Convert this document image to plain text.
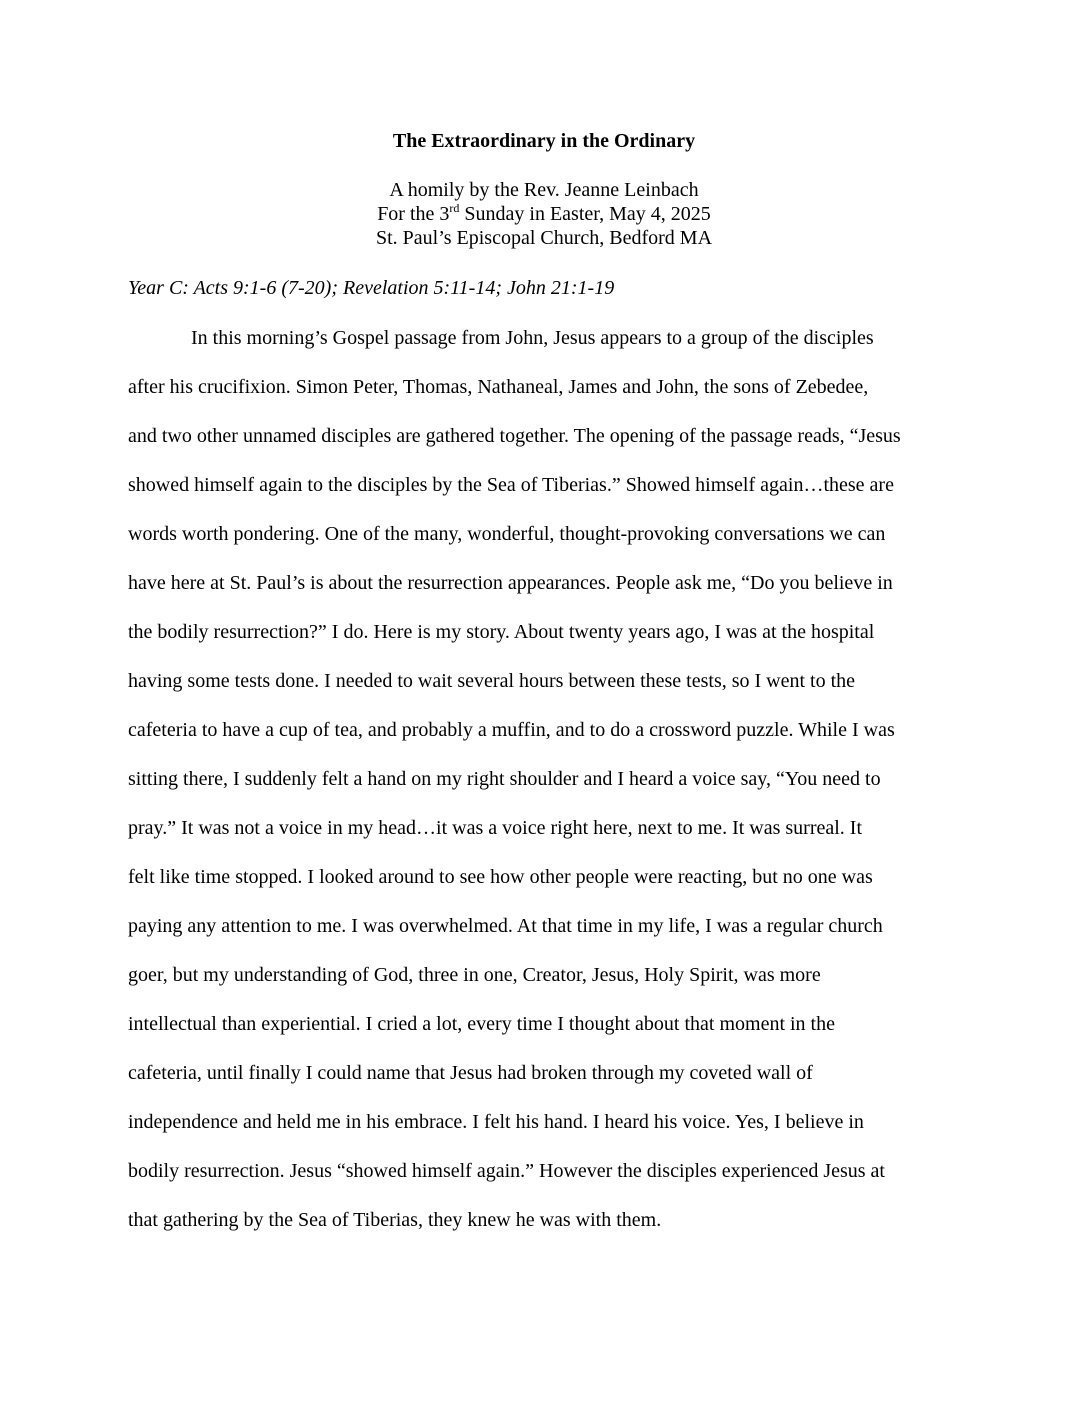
The Extraordinary in the Ordinary
A homily by the Rev. Jeanne Leinbach
For the 3rd Sunday in Easter, May 4, 2025
St. Paul’s Episcopal Church, Bedford MA
Year C: Acts 9:1-6 (7-20); Revelation 5:11-14; John 21:1-19
In this morning’s Gospel passage from John, Jesus appears to a group of the disciples
after his crucifixion. Simon Peter, Thomas, Nathaneal, James and John, the sons of Zebedee,
and two other unnamed disciples are gathered together. The opening of the passage reads, “Jesus
showed himself again to the disciples by the Sea of Tiberias.” Showed himself again…these are
words worth pondering. One of the many, wonderful, thought-provoking conversations we can
have here at St. Paul’s is about the resurrection appearances. People ask me, “Do you believe in
the bodily resurrection?” I do. Here is my story. About twenty years ago, I was at the hospital
having some tests done. I needed to wait several hours between these tests, so I went to the
cafeteria to have a cup of tea, and probably a muffin, and to do a crossword puzzle. While I was
sitting there, I suddenly felt a hand on my right shoulder and I heard a voice say, “You need to
pray.” It was not a voice in my head…it was a voice right here, next to me. It was surreal. It
felt like time stopped. I looked around to see how other people were reacting, but no one was
paying any attention to me. I was overwhelmed. At that time in my life, I was a regular church
goer, but my understanding of God, three in one, Creator, Jesus, Holy Spirit, was more
intellectual than experiential. I cried a lot, every time I thought about that moment in the
cafeteria, until finally I could name that Jesus had broken through my coveted wall of
independence and held me in his embrace. I felt his hand. I heard his voice. Yes, I believe in
bodily resurrection. Jesus “showed himself again.” However the disciples experienced Jesus at
that gathering by the Sea of Tiberias, they knew he was with them.
